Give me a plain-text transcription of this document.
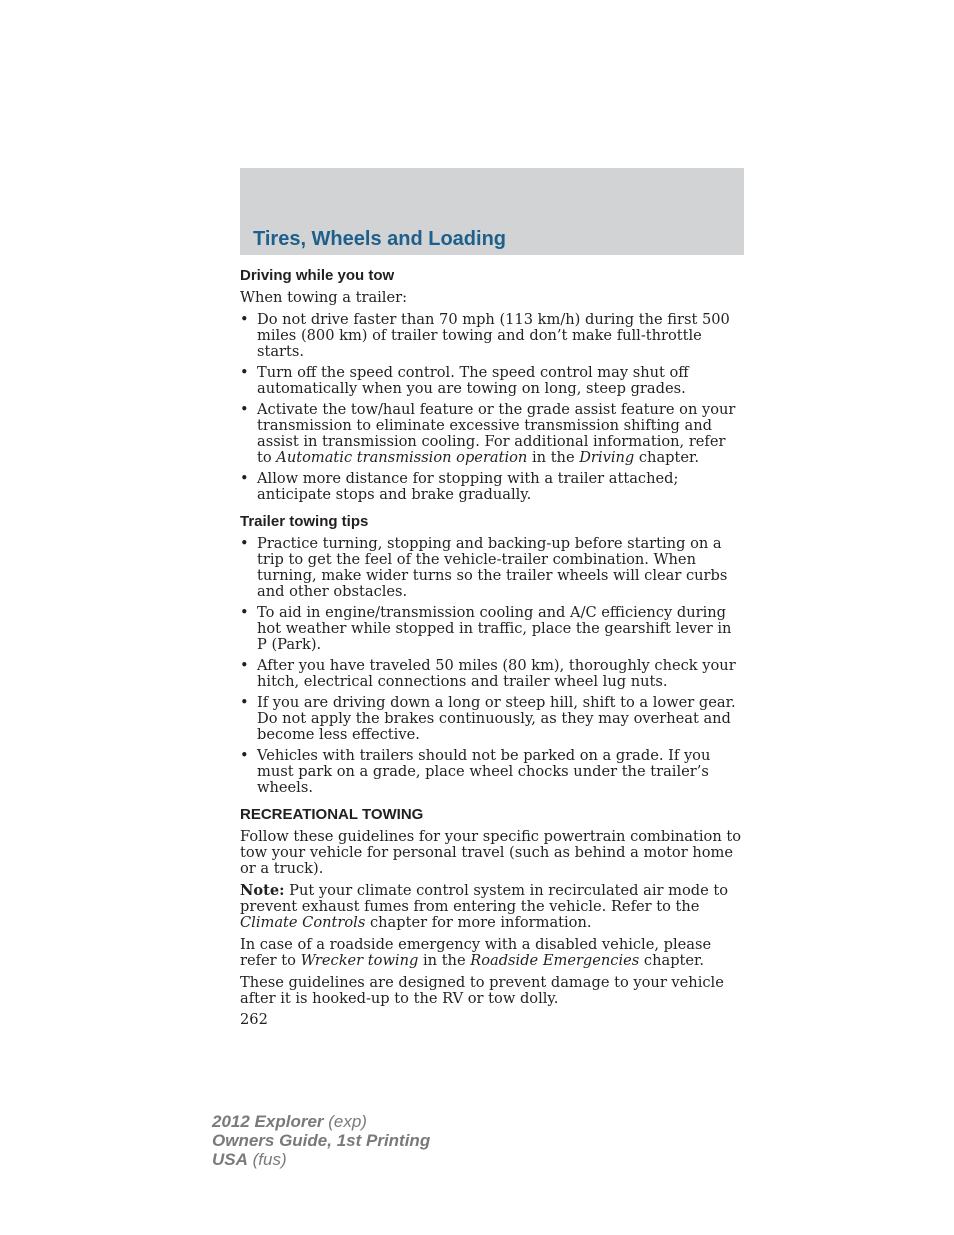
Tires, Wheels and Loading
Driving while you tow

When towing a trailer:

• Do not drive faster than 70 mph (113 km/h) during the first 500 miles (800 km) of trailer towing and don’t make full-throttle starts.
• Turn off the speed control. The speed control may shut off automatically when you are towing on long, steep grades.
• Activate the tow/haul feature or the grade assist feature on your transmission to eliminate excessive transmission shifting and assist in transmission cooling. For additional information, refer to Automatic transmission operation in the Driving chapter.
• Allow more distance for stopping with a trailer attached; anticipate stops and brake gradually.
Trailer towing tips
• Practice turning, stopping and backing-up before starting on a trip to get the feel of the vehicle-trailer combination. When turning, make wider turns so the trailer wheels will clear curbs and other obstacles.
• To aid in engine/transmission cooling and A/C efficiency during hot weather while stopped in traffic, place the gearshift lever in P (Park).
• After you have traveled 50 miles (80 km), thoroughly check your hitch, electrical connections and trailer wheel lug nuts.
• If you are driving down a long or steep hill, shift to a lower gear. Do not apply the brakes continuously, as they may overheat and become less effective.
• Vehicles with trailers should not be parked on a grade. If you must park on a grade, place wheel chocks under the trailer’s wheels.
RECREATIONAL TOWING

Follow these guidelines for your specific powertrain combination to tow your vehicle for personal travel (such as behind a motor home or a truck).

Note: Put your climate control system in recirculated air mode to prevent exhaust fumes from entering the vehicle. Refer to the Climate Controls chapter for more information.

In case of a roadside emergency with a disabled vehicle, please refer to Wrecker towing in the Roadside Emergencies chapter.

These guidelines are designed to prevent damage to your vehicle after it is hooked-up to the RV or tow dolly.

262
2012 Explorer (exp)
Owners Guide, 1st Printing
USA (fus)
